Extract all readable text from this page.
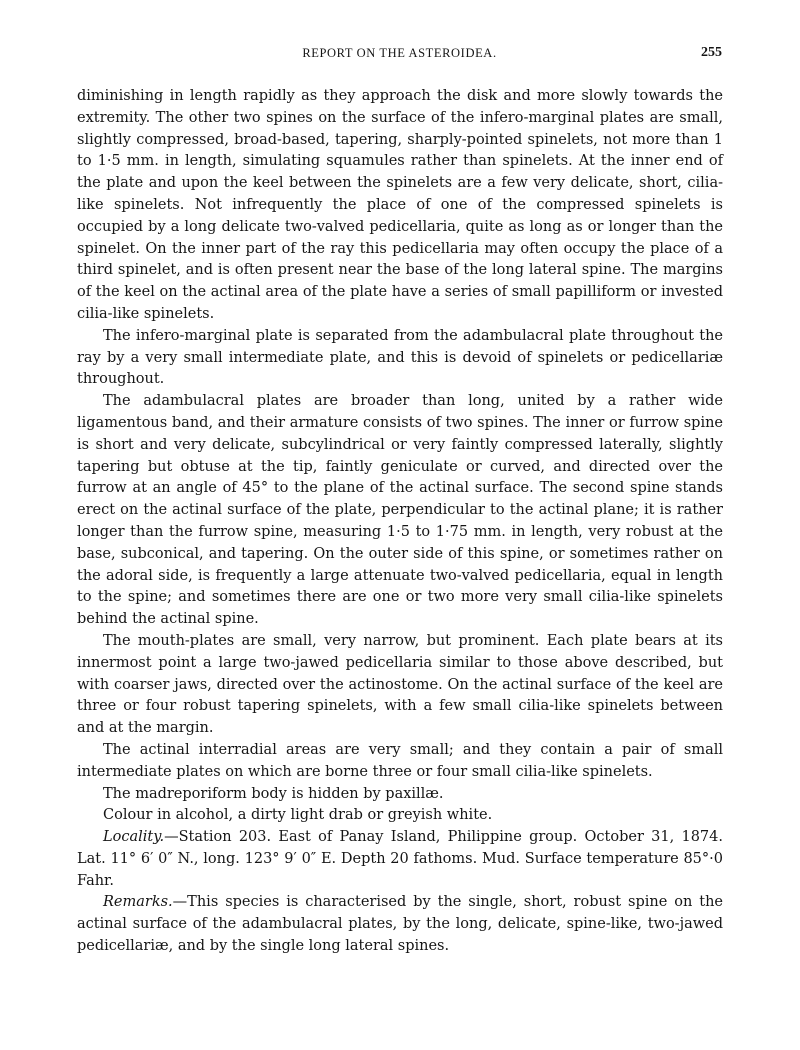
REPORT ON THE ASTEROIDEA.	255

diminishing in length rapidly as they approach the disk and more slowly towards the extremity. The other two spines on the surface of the infero-marginal plates are small, slightly compressed, broad-based, tapering, sharply-pointed spinelets, not more than 1 to 1·5 mm. in length, simulating squamules rather than spinelets. At the inner end of the plate and upon the keel between the spinelets are a few very delicate, short, cilia-like spinelets. Not infrequently the place of one of the compressed spinelets is occupied by a long delicate two-valved pedicellaria, quite as long as or longer than the spinelet. On the inner part of the ray this pedicellaria may often occupy the place of a third spinelet, and is often present near the base of the long lateral spine. The margins of the keel on the actinal area of the plate have a series of small papilliform or invested cilia-like spinelets.

The infero-marginal plate is separated from the adambulacral plate throughout the ray by a very small intermediate plate, and this is devoid of spinelets or pedicellariæ throughout.

The adambulacral plates are broader than long, united by a rather wide ligamentous band, and their armature consists of two spines. The inner or furrow spine is short and very delicate, subcylindrical or very faintly compressed laterally, slightly tapering but obtuse at the tip, faintly geniculate or curved, and directed over the furrow at an angle of 45° to the plane of the actinal surface. The second spine stands erect on the actinal surface of the plate, perpendicular to the actinal plane; it is rather longer than the furrow spine, measuring 1·5 to 1·75 mm. in length, very robust at the base, subconical, and tapering. On the outer side of this spine, or sometimes rather on the adoral side, is frequently a large attenuate two-valved pedicellaria, equal in length to the spine; and sometimes there are one or two more very small cilia-like spinelets behind the actinal spine.

The mouth-plates are small, very narrow, but prominent. Each plate bears at its innermost point a large two-jawed pedicellaria similar to those above described, but with coarser jaws, directed over the actinostome. On the actinal surface of the keel are three or four robust tapering spinelets, with a few small cilia-like spinelets between and at the margin.

The actinal interradial areas are very small; and they contain a pair of small intermediate plates on which are borne three or four small cilia-like spinelets.

The madreporiform body is hidden by paxillæ.

Colour in alcohol, a dirty light drab or greyish white.

Locality.—Station 203. East of Panay Island, Philippine group. October 31, 1874. Lat. 11° 6′ 0″ N., long. 123° 9′ 0″ E. Depth 20 fathoms. Mud. Surface temperature 85°·0 Fahr.

Remarks.—This species is characterised by the single, short, robust spine on the actinal surface of the adambulacral plates, by the long, delicate, spine-like, two-jawed pedicellariæ, and by the single long lateral spines.
